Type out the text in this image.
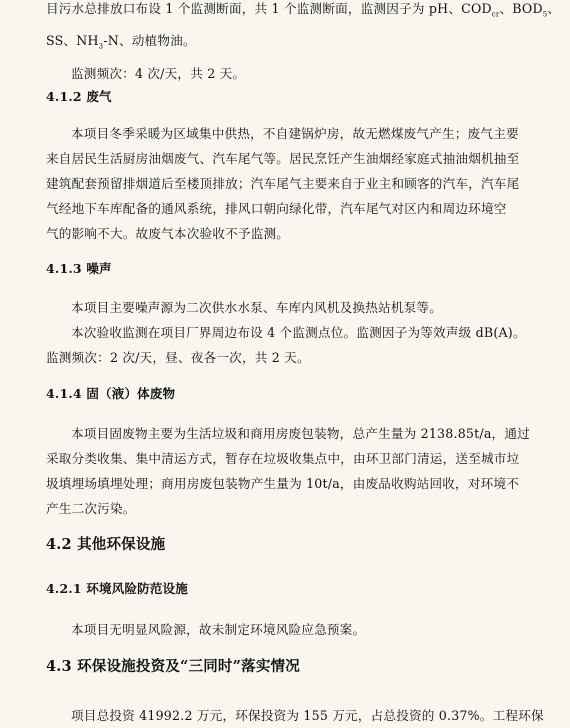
目污水总排放口布设 1 个监测断面，共 1 个监测断面，监测因子为 pH、$COD_{cr}$、$BOD_5$、

SS、$NH_3-N$、动植物油。

监测频次：4 次/天，共 2 天。

4.1.2 废气

本项目冬季采暖为区域集中供热，不自建锅炉房，故无燃煤废气产生；废气主要

来自居民生活厨房油烟废气、汽车尾气等。居民烹饪产生油烟经家庭式抽油烟机抽至

建筑配套预留排烟道后至楼顶排放；汽车尾气主要来自于业主和顾客的汽车，汽车尾

气经地下车库配备的通风系统，排风口朝向绿化带，汽车尾气对区内和周边环境空

气的影响不大。故废气本次验收不予监测。

4.1.3 噪声

本项目主要噪声源为二次供水水泵、车库内风机及换热站机泵等。

本次验收监测在项目厂界周边布设 4 个监测点位。监测因子为等效声级 dB(A)。

监测频次：2 次/天，昼、夜各一次，共 2 天。

4.1.4 固（液）体废物

本项目固废物主要为生活垃圾和商用房废包装物，总产生量为 2138.85t/a，通过

采取分类收集、集中清运方式，暂存在垃圾收集点中，由环卫部门清运，送至城市垃

圾填埋场填埋处理；商用房废包装物产生量为 10t/a，由废品收购站回收，对环境不

产生二次污染。

4.2 其他环保设施

4.2.1 环境风险防范设施

本项目无明显风险源，故未制定环境风险应急预案。

4.3 环保设施投资及“三同时”落实情况

项目总投资 41992.2 万元，环保投资为 155 万元，占总投资的 0.37%。工程环保
